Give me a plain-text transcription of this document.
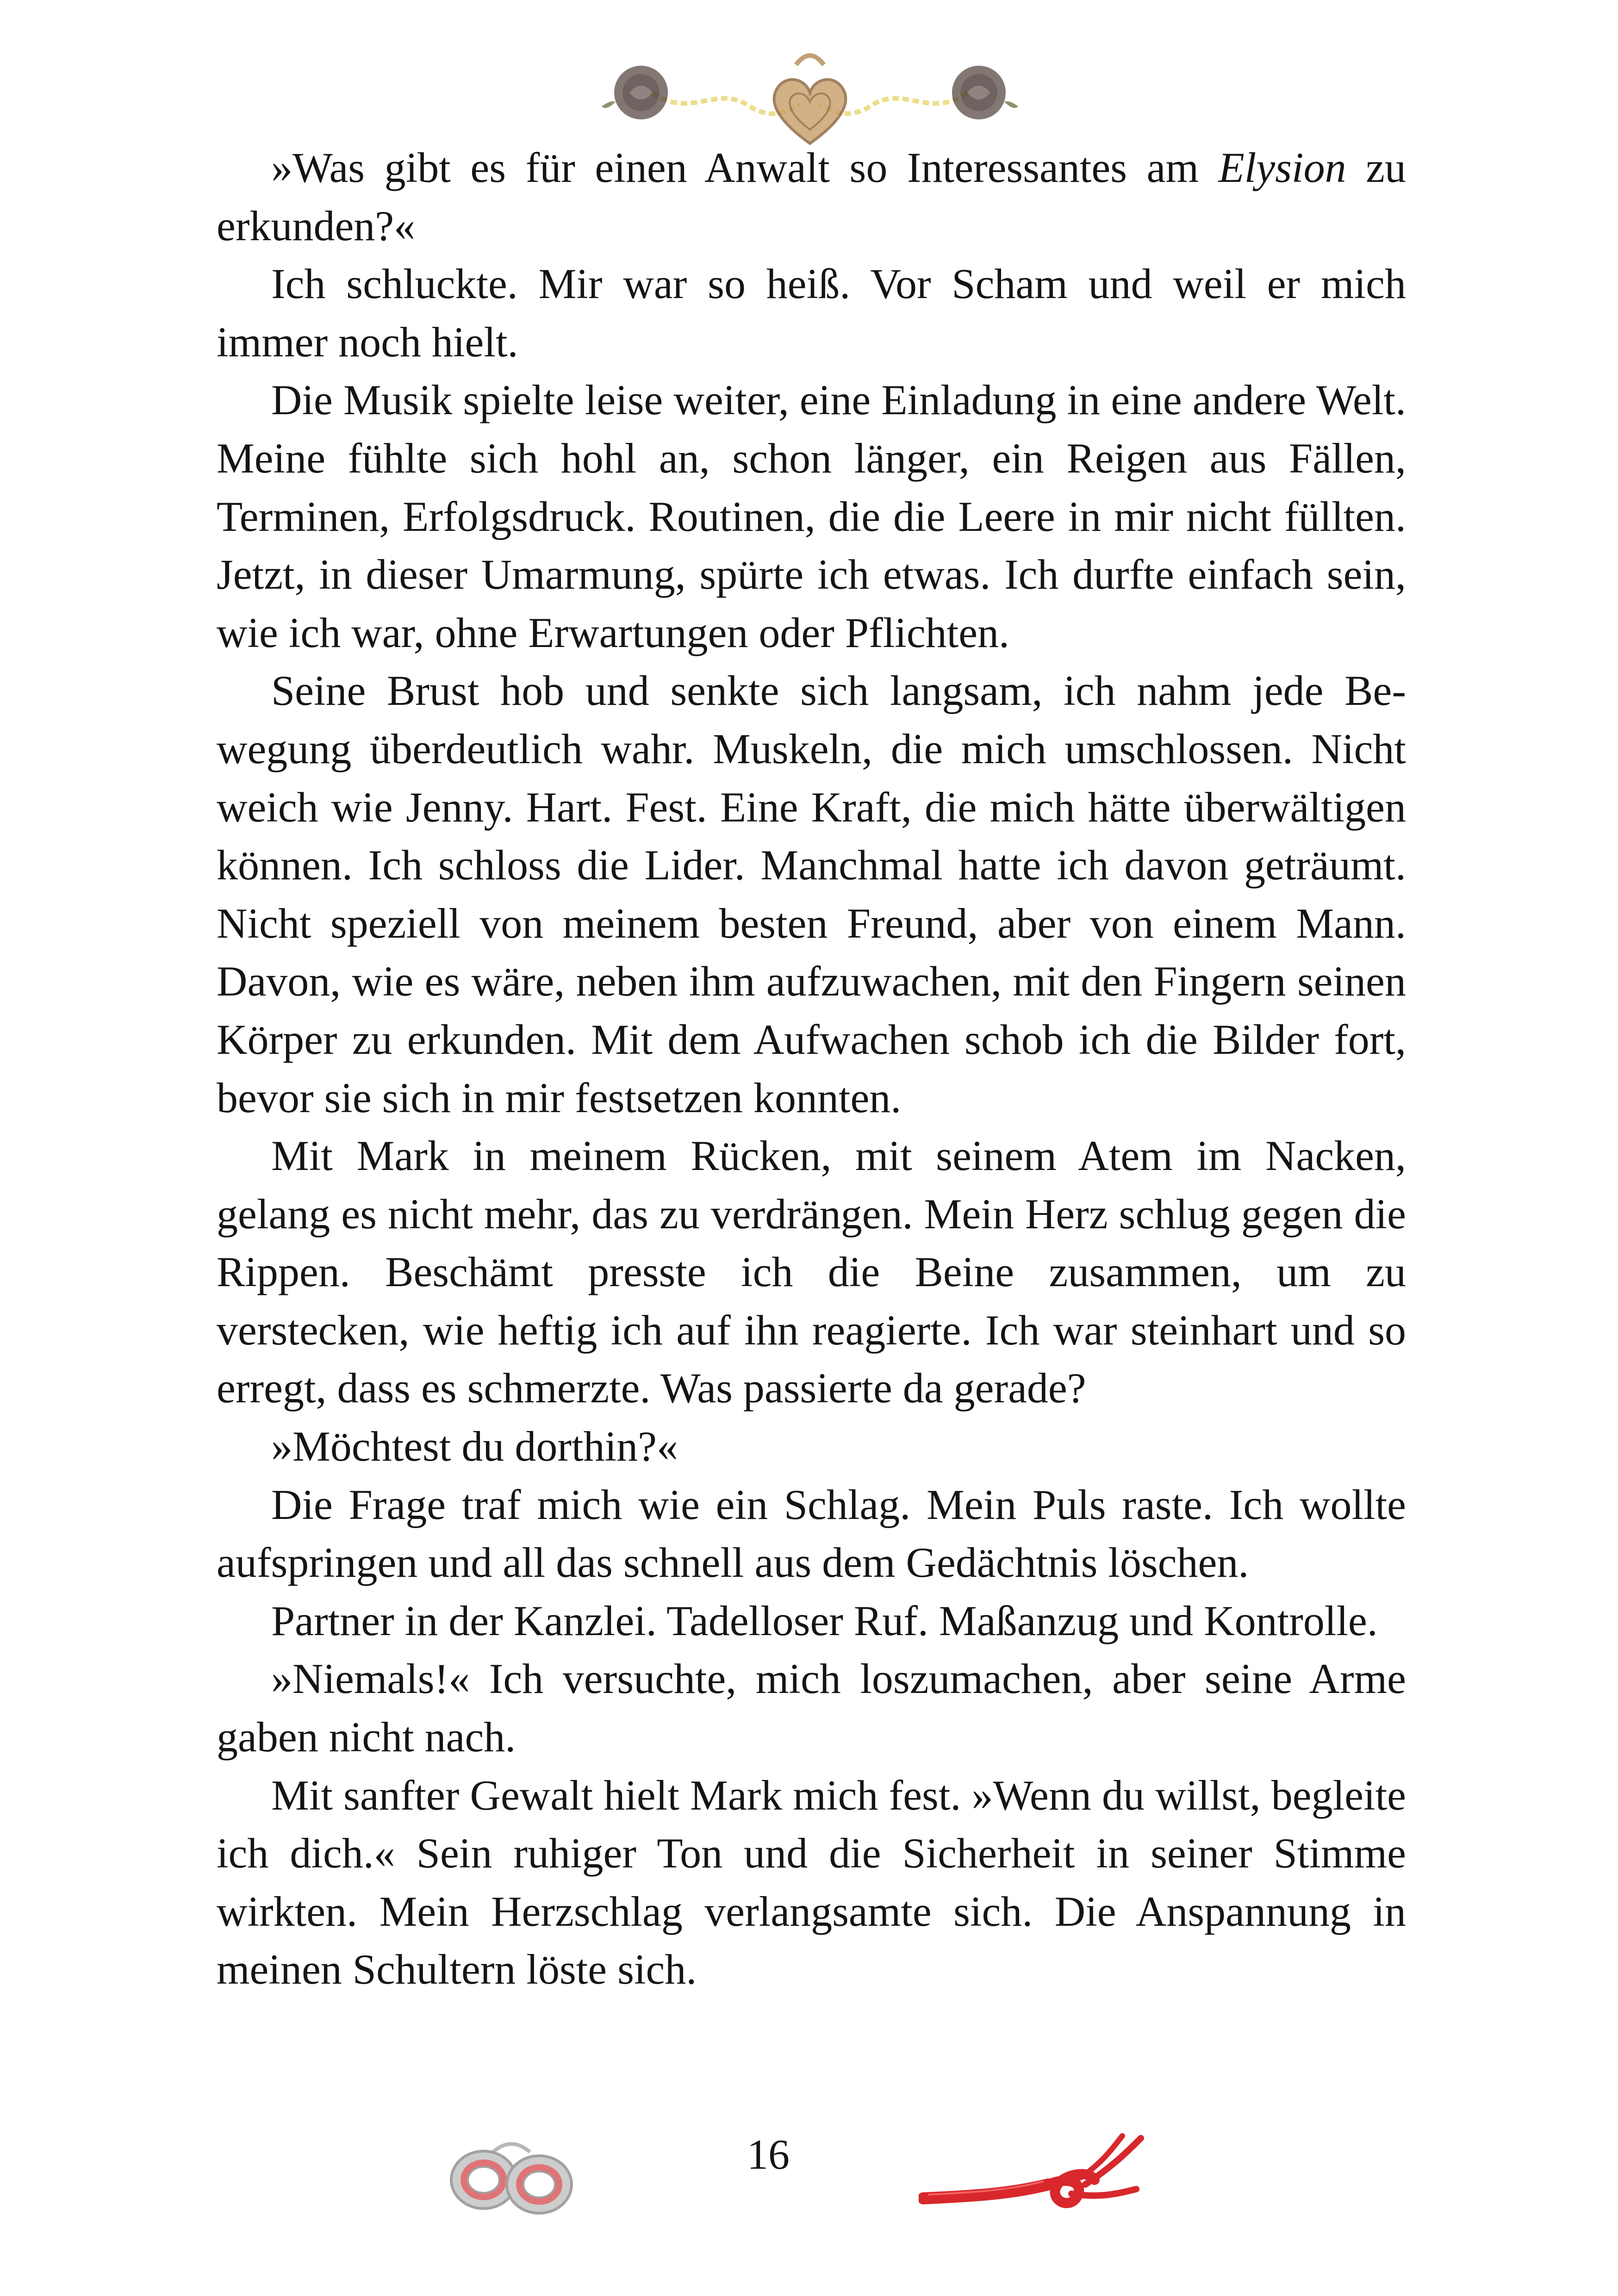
»Was gibt es für einen Anwalt so Interessantes am Elysion zu erkunden?«

Ich schluckte. Mir war so heiß. Vor Scham und weil er mich immer noch hielt.

Die Musik spielte leise weiter, eine Einladung in eine andere Welt. Meine fühlte sich hohl an, schon länger, ein Reigen aus Fällen, Terminen, Erfolgsdruck. Routinen, die die Leere in mir nicht füllten. Jetzt, in dieser Umarmung, spürte ich etwas. Ich durfte einfach sein, wie ich war, ohne Erwartungen oder Pflichten.

Seine Brust hob und senkte sich langsam, ich nahm jede Bewegung überdeutlich wahr. Muskeln, die mich umschlossen. Nicht weich wie Jenny. Hart. Fest. Eine Kraft, die mich hätte überwältigen können. Ich schloss die Lider. Manchmal hatte ich davon geträumt. Nicht speziell von meinem besten Freund, aber von einem Mann. Davon, wie es wäre, neben ihm aufzuwachen, mit den Fingern seinen Körper zu erkunden. Mit dem Aufwachen schob ich die Bilder fort, bevor sie sich in mir festsetzen konnten.

Mit Mark in meinem Rücken, mit seinem Atem im Nacken, gelang es nicht mehr, das zu verdrängen. Mein Herz schlug gegen die Rippen. Beschämt presste ich die Beine zusammen, um zu verstecken, wie heftig ich auf ihn reagierte. Ich war steinhart und so erregt, dass es schmerzte. Was passierte da gerade?

»Möchtest du dorthin?«

Die Frage traf mich wie ein Schlag. Mein Puls raste. Ich wollte aufspringen und all das schnell aus dem Gedächtnis löschen.

Partner in der Kanzlei. Tadelloser Ruf. Maßanzug und Kontrolle.

»Niemals!« Ich versuchte, mich loszumachen, aber seine Arme gaben nicht nach.

Mit sanfter Gewalt hielt Mark mich fest. »Wenn du willst, begleite ich dich.« Sein ruhiger Ton und die Sicherheit in seiner Stimme wirkten. Mein Herzschlag verlangsamte sich. Die Anspannung in meinen Schultern löste sich.

16
